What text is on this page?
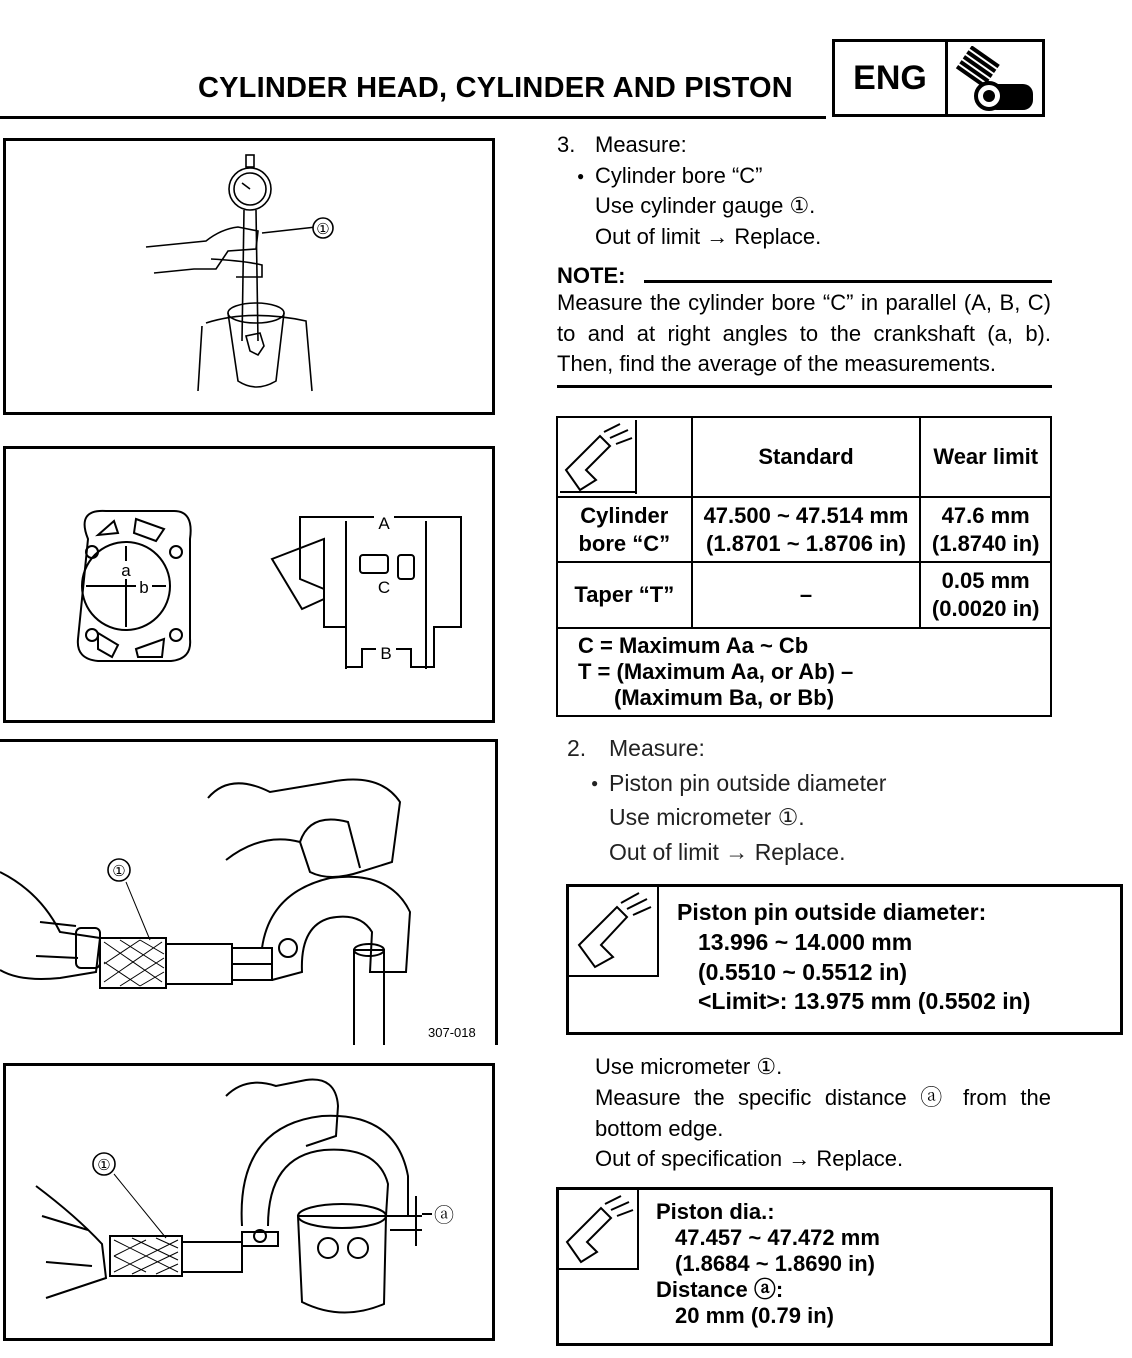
CYLINDER HEAD, CYLINDER AND PISTON	ENG
①
a
b
A
C
B
①
307-018
①
ⓐ
3. Measure:
● Cylinder bore “C”
Use cylinder gauge ①.
Out of limit → Replace.
NOTE:
Measure the cylinder bore “C” in parallel (A, B, C) to and at right angles to the crankshaft (a, b). Then, find the average of the measurements.
	Standard	Wear limit

Cylinder bore “C”	47.500 ~ 47.514 mm (1.8701 ~ 1.8706 in)	47.6 mm (1.8740 in)

Taper “T”	–	0.05 mm (0.0020 in)

C = Maximum Aa ~ Cb
T = (Maximum Aa, or Ab) –
(Maximum Ba, or Bb)		
2. Measure:
● Piston pin outside diameter
Use micrometer ①.
Out of limit → Replace.
Piston pin outside diameter:
13.996 ~ 14.000 mm
(0.5510 ~ 0.5512 in)
<Limit>: 13.975 mm (0.5502 in)
Use micrometer ①.
Measure the specific distance ⓐ from the bottom edge.
Out of specification → Replace.
Piston dia.:
47.457 ~ 47.472 mm
(1.8684 ~ 1.8690 in)
Distance ⓐ:
20 mm (0.79 in)
